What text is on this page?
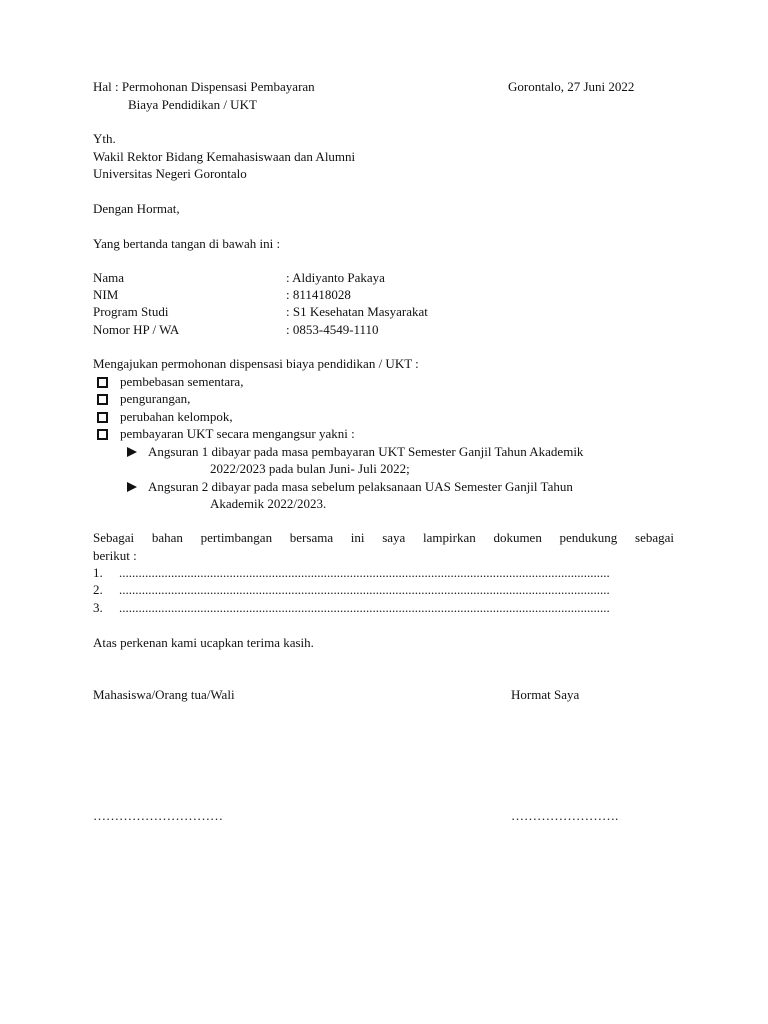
Hal : Permohonan Dispensasi Pembayaran
Biaya Pendidikan / UKT
Gorontalo, 27 Juni 2022
Yth.
Wakil Rektor Bidang Kemahasiswaan dan Alumni
Universitas Negeri Gorontalo
Dengan Hormat,
Yang bertanda tangan di bawah ini :
Nama	: Aldiyanto Pakaya
NIM	: 811418028
Program Studi	: S1 Kesehatan Masyarakat
Nomor HP / WA	: 0853-4549-1110
Mengajukan permohonan dispensasi biaya pendidikan / UKT :
pembebasan sementara,
pengurangan,
perubahan kelompok,
pembayaran UKT secara mengangsur yakni :
Angsuran 1 dibayar pada masa pembayaran UKT Semester Ganjil Tahun Akademik
2022/2023 pada bulan Juni- Juli 2022;
Angsuran 2 dibayar pada masa sebelum pelaksanaan UAS Semester Ganjil Tahun
Akademik 2022/2023.
Sebagai bahan pertimbangan bersama ini saya lampirkan dokumen pendukung sebagai
berikut :
1. .......................................................................................................................................................
2. .......................................................................................................................................................
3. .......................................................................................................................................................
Atas perkenan kami ucapkan terima kasih.
Mahasiswa/Orang tua/Wali	Hormat Saya
…………………………	…………………….
